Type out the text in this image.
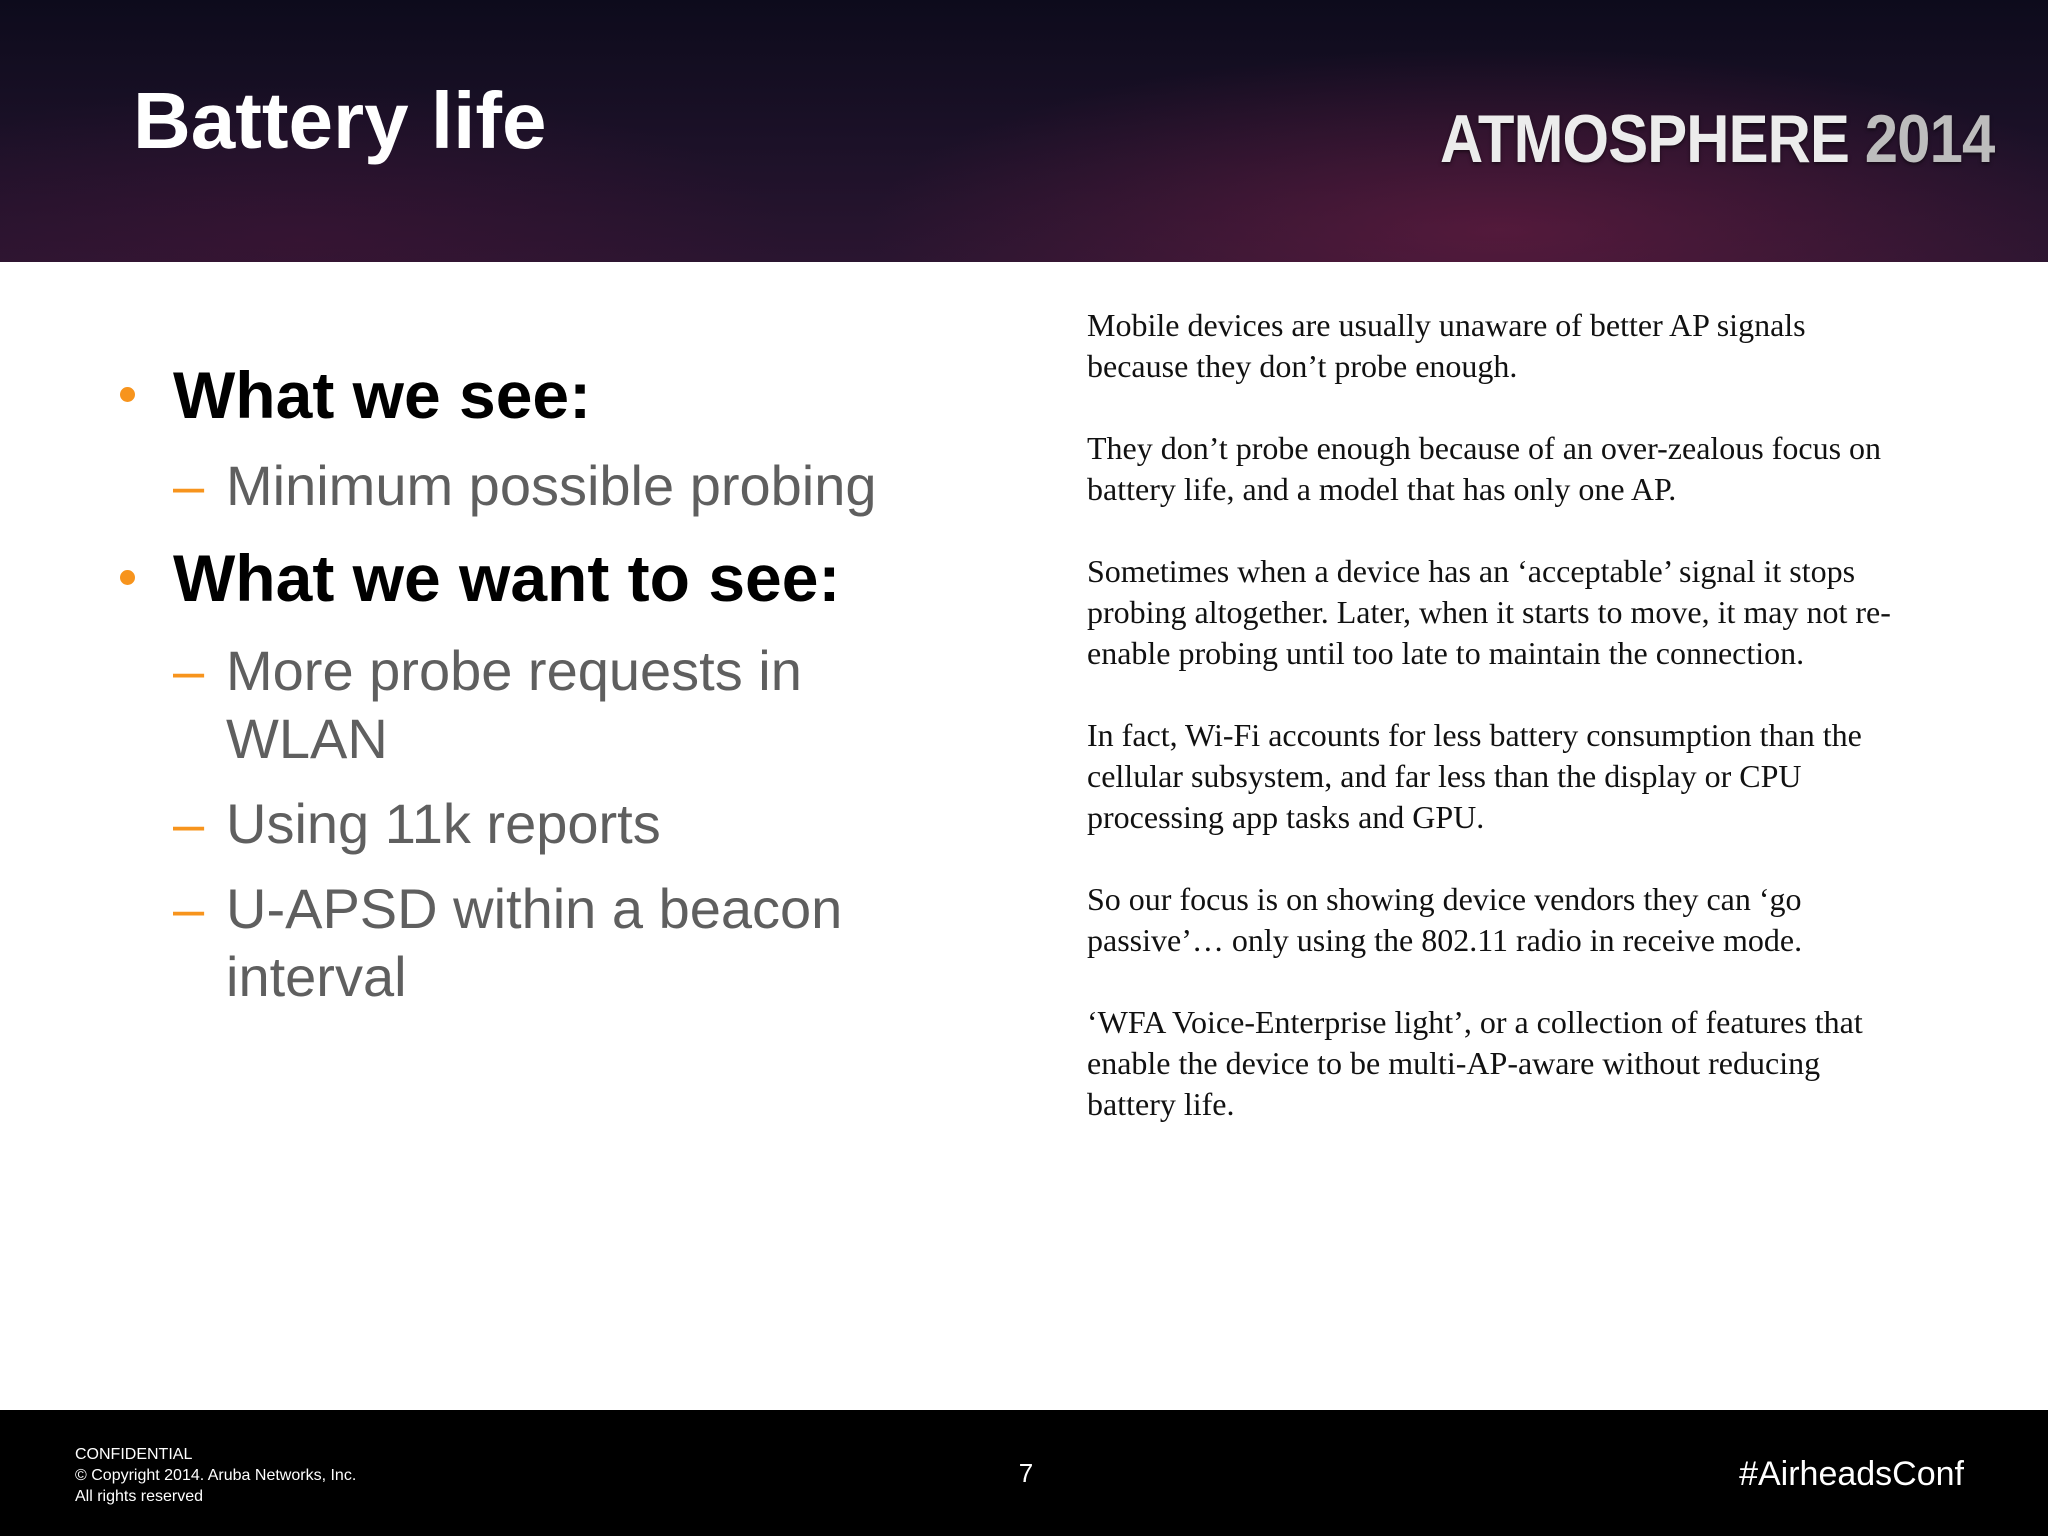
Battery life	ATMOSPHERE 2014
What we see:
– Minimum possible probing
What we want to see:
– More probe requests in WLAN
– Using 11k reports
– U-APSD within a beacon interval

Mobile devices are usually unaware of better AP signals
because they don’t probe enough.

They don’t probe enough because of an over-zealous focus on
battery life, and a model that has only one AP.

Sometimes when a device has an ‘acceptable’ signal it stops
probing altogether. Later, when it starts to move, it may not re-
enable probing until too late to maintain the connection.

In fact, Wi-Fi accounts for less battery consumption than the
cellular subsystem, and far less than the display or CPU
processing app tasks and GPU.

So our focus is on showing device vendors they can ‘go
passive’… only using the 802.11 radio in receive mode.

‘WFA Voice-Enterprise light’, or a collection of features that
enable the device to be multi-AP-aware without reducing
battery life.

CONFIDENTIAL
© Copyright 2014. Aruba Networks, Inc.
All rights reserved
7	#AirheadsConf
